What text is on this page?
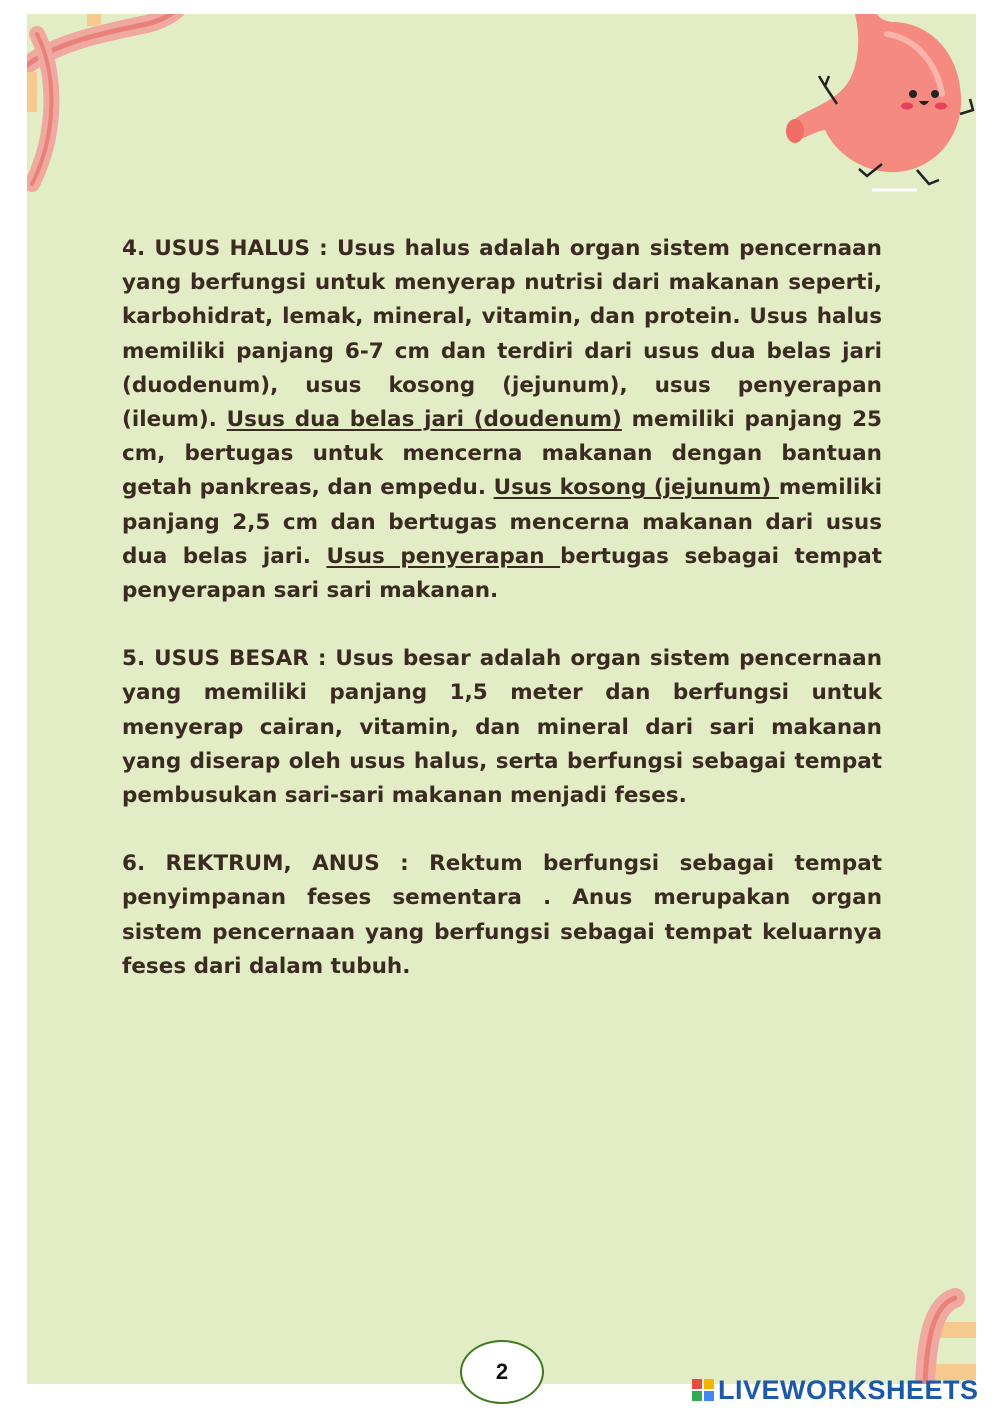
4. USUS HALUS : Usus halus adalah organ sistem pencernaan yang berfungsi untuk menyerap nutrisi dari makanan seperti, karbohidrat, lemak, mineral, vitamin, dan protein. Usus halus memiliki panjang 6-7 cm dan terdiri dari usus dua belas jari (duodenum), usus kosong (jejunum), usus penyerapan (ileum). Usus dua belas jari (doudenum) memiliki panjang 25 cm, bertugas untuk mencerna makanan dengan bantuan getah pankreas, dan empedu. Usus kosong (jejunum) memiliki panjang 2,5 cm dan bertugas mencerna makanan dari usus dua belas jari. Usus penyerapan bertugas sebagai tempat penyerapan sari sari makanan.

5. USUS BESAR : Usus besar adalah organ sistem pencernaan yang memiliki panjang 1,5 meter dan berfungsi untuk menyerap cairan, vitamin, dan mineral dari sari makanan yang diserap oleh usus halus, serta berfungsi sebagai tempat pembusukan sari-sari makanan menjadi feses.

6. REKTRUM, ANUS : Rektum berfungsi sebagai tempat penyimpanan feses sementara . Anus merupakan organ sistem pencernaan yang berfungsi sebagai tempat keluarnya feses dari dalam tubuh.

2
LIVEWORKSHEETS
